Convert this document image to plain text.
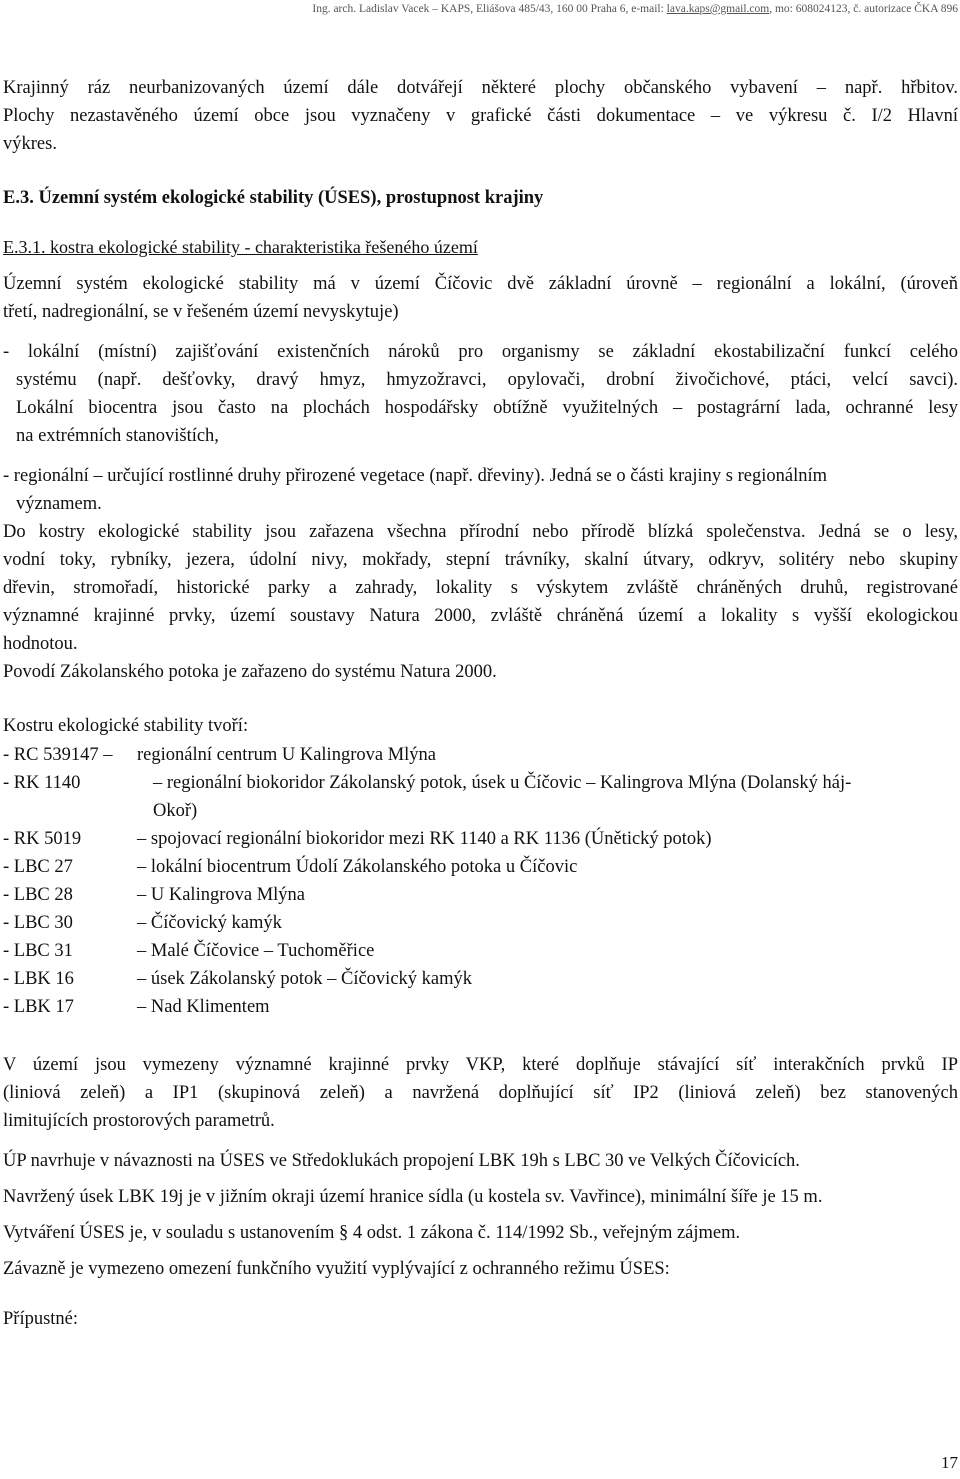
Ing. arch. Ladislav Vacek – KAPS, Eliášova 485/43, 160 00 Praha 6, e-mail: lava.kaps@gmail.com, mo: 608024123, č. autorizace ČKA 896
Krajinný ráz neurbanizovaných území dále dotvářejí některé plochy občanského vybavení – např. hřbitov.
Plochy nezastavěného území obce jsou vyznačeny v grafické části dokumentace – ve výkresu č. I/2 Hlavní
výkres.
E.3. Územní systém ekologické stability (ÚSES), prostupnost krajiny
E.3.1. kostra ekologické stability - charakteristika řešeného území
Územní systém ekologické stability má v území Číčovic dvě základní úrovně – regionální a lokální, (úroveň
třetí, nadregionální, se v řešeném území nevyskytuje)
- lokální (místní) zajišťování existenčních nároků pro organismy se základní ekostabilizační funkcí celého
systému (např. dešťovky, dravý hmyz, hmyzožravci, opylovači, drobní živočichové, ptáci, velcí savci).
Lokální biocentra jsou často na plochách hospodářsky obtížně využitelných – postagrární lada, ochranné lesy
na extrémních stanovištích,
- regionální – určující rostlinné druhy přirozené vegetace (např. dřeviny). Jedná se o části krajiny s regionálním
významem.
Do kostry ekologické stability jsou zařazena všechna přírodní nebo přírodě blízká společenstva. Jedná se o lesy,
vodní toky, rybníky, jezera, údolní nivy, mokřady, stepní trávníky, skalní útvary, odkryv, solitéry nebo skupiny
dřevin, stromořadí, historické parky a zahrady, lokality s výskytem zvláště chráněných druhů, registrované
významné krajinné prvky, území soustavy Natura 2000, zvláště chráněná území a lokality s vyšší ekologickou
hodnotou.
Povodí Zákolanského potoka je zařazeno do systému Natura 2000.
Kostru ekologické stability tvoří:
- RC 539147 –	regionální centrum U Kalingrova Mlýna
- RK 1140	– regionální biokoridor Zákolanský potok, úsek u Číčovic – Kalingrova Mlýna (Dolanský háj-
Okoř)
- RK 5019	– spojovací regionální biokoridor mezi RK 1140 a RK 1136 (Únětický potok)
- LBC 27	– lokální biocentrum Údolí Zákolanského potoka u Číčovic
- LBC 28	– U Kalingrova Mlýna
- LBC 30	– Číčovický kamýk
- LBC 31	– Malé Číčovice – Tuchoměřice
- LBK 16	– úsek Zákolanský potok – Číčovický kamýk
- LBK 17	– Nad Klimentem
V území jsou vymezeny významné krajinné prvky VKP, které doplňuje stávající síť interakčních prvků IP
(liniová zeleň) a IP1 (skupinová zeleň) a navržená doplňující síť IP2 (liniová zeleň) bez stanovených
limitujících prostorových parametrů.
ÚP navrhuje v návaznosti na ÚSES ve Středoklukách propojení LBK 19h s LBC 30 ve Velkých Číčovicích.
Navržený úsek LBK 19j je v jižním okraji území hranice sídla (u kostela sv. Vavřince), minimální šíře je 15 m.
Vytváření ÚSES je, v souladu s ustanovením § 4 odst. 1 zákona č. 114/1992 Sb., veřejným zájmem.
Závazně je vymezeno omezení funkčního využití vyplývající z ochranného režimu ÚSES:
Přípustné:
17
